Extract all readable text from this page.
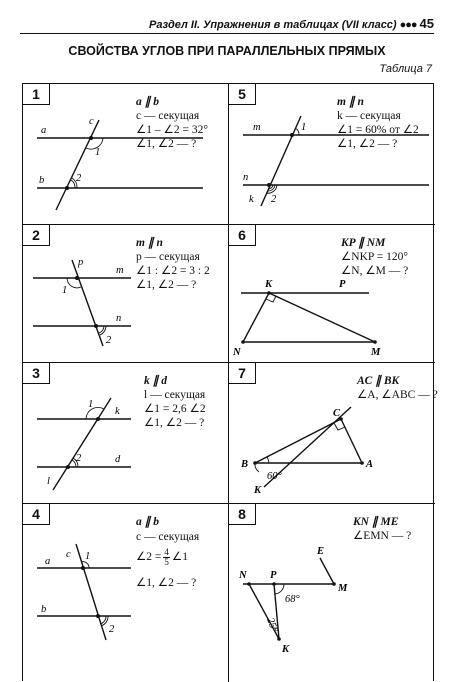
Раздел II. Упражнения в таблицах (VII класс) ●●● 45
СВОЙСТВА УГЛОВ ПРИ ПАРАЛЛЕЛЬНЫХ ПРЯМЫХ
Таблица 7
1	a ∥ b
c — секущая
∠1 – ∠2 = 32°
∠1, ∠2 — ?
a
b
c
1
2
5	m ∥ n
k — секущая
∠1 = 60% от ∠2
∠1, ∠2 — ?
m
n
k
1
2
2	m ∥ n
p — секущая
∠1 : ∠2 = 3 : 2
∠1, ∠2 — ?
p
m
n
1
2
6	KP ∥ NM
∠NKP = 120°
∠N, ∠M — ?
K	P
N	M
3	k ∥ d
l — секущая
∠1 = 2,6 ∠2
∠1, ∠2 — ?
k
d
l
1
2
7	AC ∥ BK
∠A, ∠ABC — ?
B
C
A
K
60°
4	a ∥ b
c — секущая
∠2 = $\frac{4}{5}$ ∠1
∠1, ∠2 — ?
a
b
c 1
2
8	KN ∥ ME
∠EMN — ?
N P
E
M
K
68°
25°
